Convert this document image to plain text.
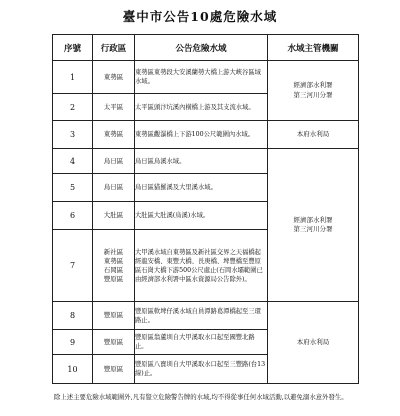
臺中市公告10處危險水域
序號	行政區	公告危險水域	水域主管機關
1	東勢區	東勢區東勢段大安溪蘭勢大橋上游大峽谷區域水域。	經濟部水利署
第三河川分署
2	太平區	太平區頭汴坑溪內橫橋上游及其支流水域。	
3	東勢區	東勢區觀瀑橋上下游100公尺範圍內水域。	本府水利局
4	烏日區	烏日區烏溪水域。	經濟部水利署
第三河川分署
5	烏日區	烏日區貓羅溪及大里溪水域。	
6	大肚區	大肚區大肚溪(烏溪)水域。	
7	新社區
東勢區
石岡區
豐原區	大甲溪水域自東勢區及新社區交界之天福橋起經龍安橋、東豐大橋、長庚橋、埤豐橋至豐原區石崗大橋下游500公尺處止(石岡水壩範圍已由經濟部水利署中區水資源局公告除外)。	
8	豐原區	豐原區軟埤仔溪水域自員潭路葛潭橋起至三環路止。	本府水利局
9	豐原區	豐原區翁蘆圳自大甲溪取水口起至國豐北路止。	
10	豐原區	豐原區八寶圳自大甲溪取水口起至三豐路(台13線)止。	
除上述主要危險水域範圍外,凡有豎立危險警告牌的水域,均不得從事任何水域活動,以避免溺水意外發生。
